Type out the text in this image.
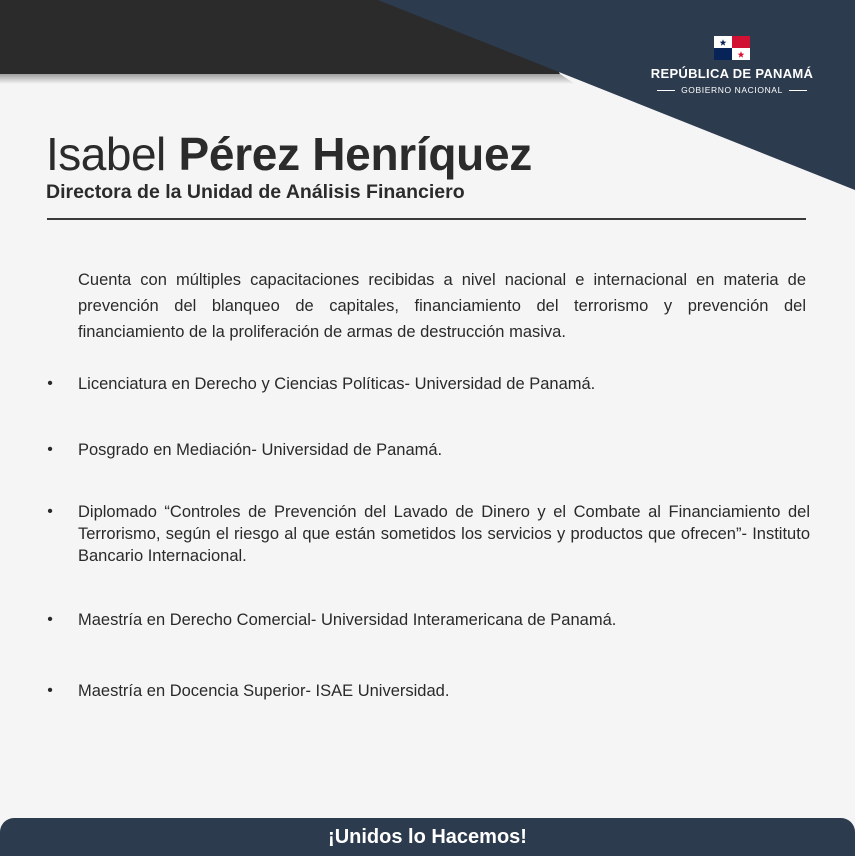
REPÚBLICA DE PANAMÁ
GOBIERNO NACIONAL
Isabel Pérez Henríquez
Directora de la Unidad de Análisis Financiero

Cuenta con múltiples capacitaciones recibidas a nivel nacional e internacional en materia de prevención del blanqueo de capitales, financiamiento del terrorismo y prevención del financiamiento de la proliferación de armas de destrucción masiva.

• Licenciatura en Derecho y Ciencias Políticas- Universidad de Panamá.
• Posgrado en Mediación- Universidad de Panamá.
• Diplomado “Controles de Prevención del Lavado de Dinero y el Combate al Financiamiento del Terrorismo, según el riesgo al que están sometidos los servicios y productos que ofrecen”- Instituto Bancario Internacional.
• Maestría en Derecho Comercial- Universidad Interamericana de Panamá.
• Maestría en Docencia Superior- ISAE Universidad.
¡Unidos lo Hacemos!
